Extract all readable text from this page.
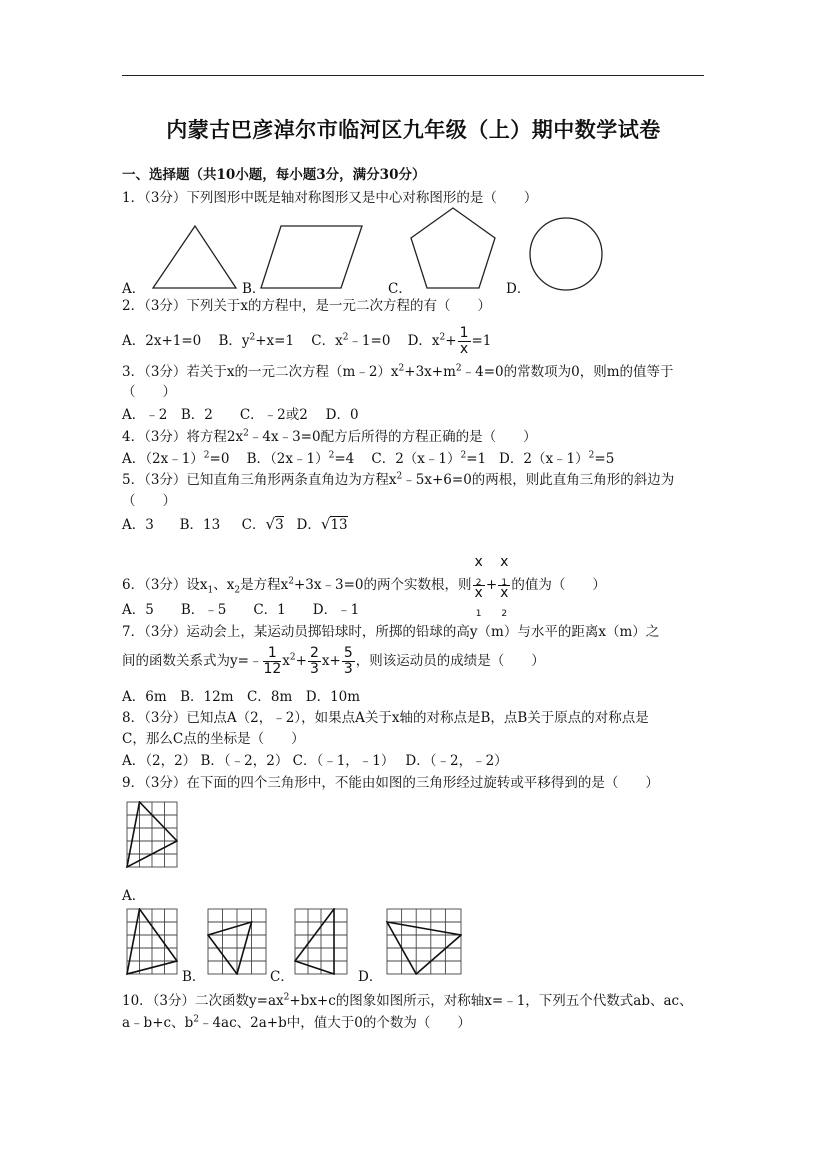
内蒙古巴彦淖尔市临河区九年级（上）期中数学试卷
一、选择题（共10小题，每小题3分，满分30分）
1．（3分）下列图形中既是轴对称图形又是中心对称图形的是（　　）
A．	B．	C．	D．
2．（3分）下列关于x的方程中，是一元二次方程的有（　　）
A．2x+1=0 B．$y^2+x=1$ C．$x^2﹣1=0$ D．$x^2+ \frac{1}{x} =1$
3．（3分）若关于x的一元二次方程$(m﹣2)x^2+3x+m^2﹣4=0$的常数项为0，则m的值等于
（　　）
A．﹣2　B．2　　C．﹣2或2　 D．0
4．（3分）将方程$2x^2﹣4x﹣3=0$配方后所得的方程正确的是（　　）
A．（2x﹣1）$^2$=0 B．（2x﹣1）$^2$=4 C．2（x﹣1）$^2$=1 D．2（x﹣1）$^2$=5
5．（3分）已知直角三角形两条直角边为方程$x^2﹣5x+6=0$的两根，则此直角三角形的斜边为
（　　）
A．3 B．13 C．√3 D．√13
6．（3分）设$x_1$、$x_2$是方程$x^2+3x﹣3=0$的两个实数根，则 x
$_2$
x
$_1$ + x
$_1$
x
$_2$ 的值为（　　）
A．5　　B．﹣5　　C．1　　D．﹣1
7．（3分）运动会上，某运动员掷铅球时，所掷的铅球的高y（m）与水平的距离x（m）之
间的函数关系式为y=﹣ $\frac{1}{12} x^2+ \frac{2}{3} x+ \frac{5}{3}$ ，则该运动员的成绩是（　　）
A．6m　B．12m　C．8m　D．10m
8．（3分）已知点A（2，﹣2），如果点A关于x轴的对称点是B，点B关于原点的对称点是
C，那么C点的坐标是（　　）
A．（2，2） B．（﹣2，2） C．（﹣1，﹣1）　 D．（﹣2，﹣2）
9．（3分）在下面的四个三角形中，不能由如图的三角形经过旋转或平移得到的是（　　）
A．
B．	C．	D．
10．（3分）二次函数$y=ax^2+bx+c$的图象如图所示，对称轴x=﹣1，下列五个代数式ab、ac、
a﹣b+c、$b^2﹣4ac$、2a+b中，值大于0的个数为（　　）
